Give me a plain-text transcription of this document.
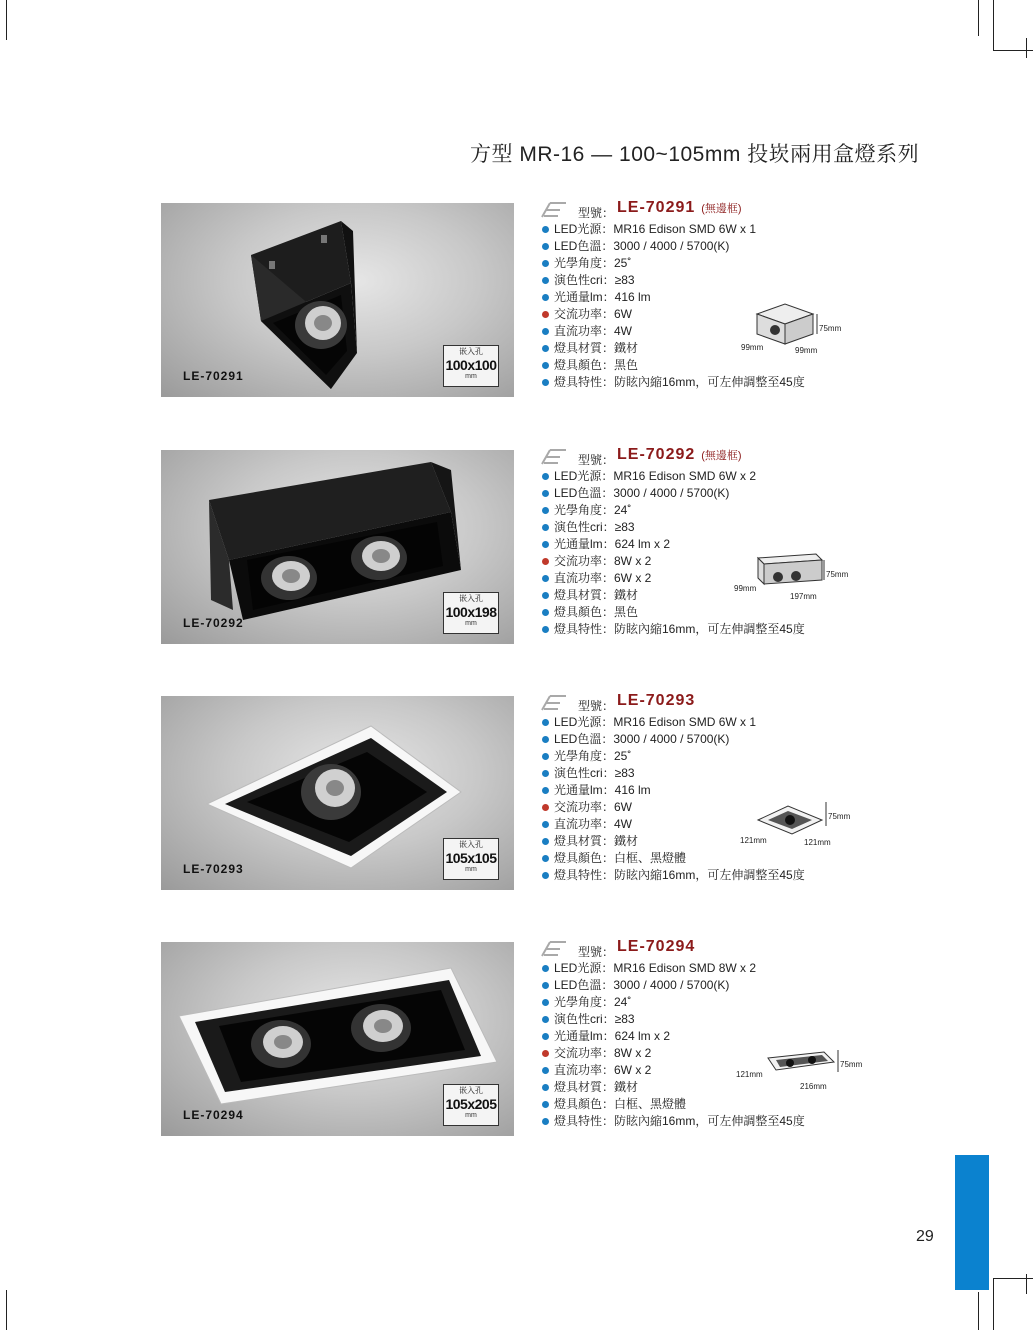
方型 MR-16 — 100~105mm 投崁兩用盒燈系列
LE-70291
嵌入孔
100x100
mm
型號： LE-70291 (無邊框)
LED光源：MR16 Edison SMD 6W x 1
LED色溫：3000 / 4000 / 5700(K)
光學角度：25˚
演色性cri：≥83
光通量lm：416 lm
交流功率：6W
直流功率：4W
燈具材質：鐵材
燈具顏色：黑色
燈具特性：防眩內縮16mm，可左伸調整至45度
75mm
99mm	99mm
LE-70292
嵌入孔
100x198
mm
型號： LE-70292 (無邊框)
LED光源：MR16 Edison SMD 6W x 2
LED色溫：3000 / 4000 / 5700(K)
光學角度：24˚
演色性cri：≥83
光通量lm：624 lm x 2
交流功率：8W x 2
直流功率：6W x 2
燈具材質：鐵材
燈具顏色：黑色
燈具特性：防眩內縮16mm，可左伸調整至45度
75mm
99mm
197mm
LE-70293
嵌入孔
105x105
mm
型號： LE-70293
LED光源：MR16 Edison SMD 6W x 1
LED色溫：3000 / 4000 / 5700(K)
光學角度：25˚
演色性cri：≥83
光通量lm：416 lm
交流功率：6W
直流功率：4W
燈具材質：鐵材
燈具顏色：白框、黑燈體
燈具特性：防眩內縮16mm，可左伸調整至45度
75mm
121mm	121mm
LE-70294
嵌入孔
105x205
mm
型號： LE-70294
LED光源：MR16 Edison SMD 8W x 2
LED色溫：3000 / 4000 / 5700(K)
光學角度：24˚
演色性cri：≥83
光通量lm：624 lm x 2
交流功率：8W x 2
直流功率：6W x 2
燈具材質：鐵材
燈具顏色：白框、黑燈體
燈具特性：防眩內縮16mm，可左伸調整至45度
75mm
121mm
216mm
29
